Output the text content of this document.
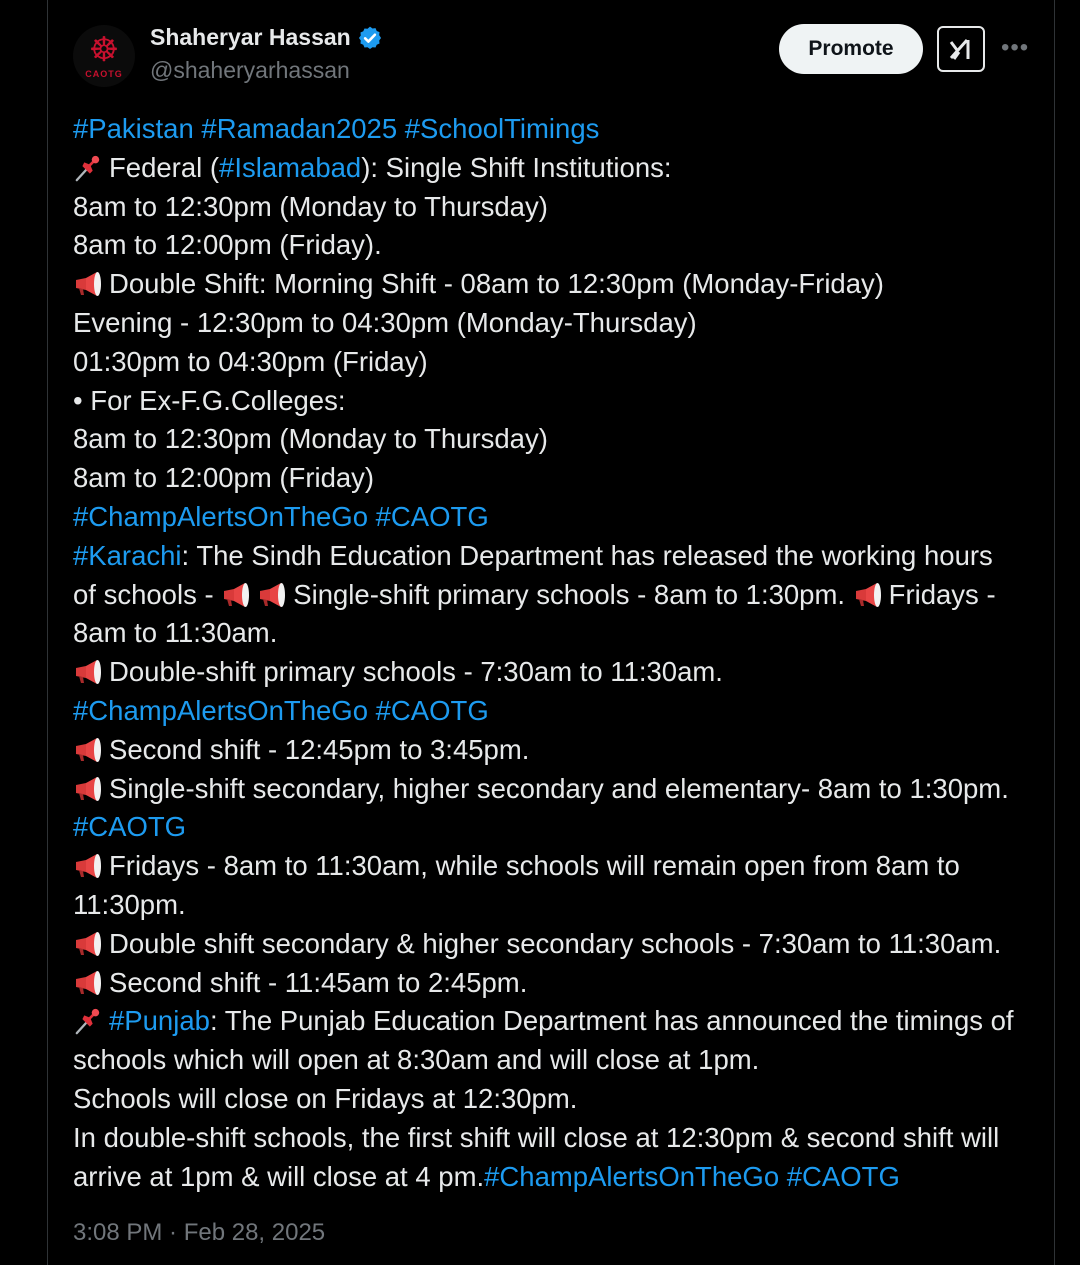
☸
CAOTG
Shaheryar Hassan
@shaheryarhassan
Promote	•••
#Pakistan #Ramadan2025 #SchoolTimings
Federal (#Islamabad): Single Shift Institutions:
8am to 12:30pm (Monday to Thursday)
8am to 12:00pm (Friday).
Double Shift: Morning Shift - 08am to 12:30pm (Monday-Friday)
Evening - 12:30pm to 04:30pm (Monday-Thursday)
01:30pm to 04:30pm (Friday)
• For Ex-F.G.Colleges:
8am to 12:30pm (Monday to Thursday)
8am to 12:00pm (Friday)
#ChampAlertsOnTheGo #CAOTG
#Karachi: The Sindh Education Department has released the working hours
of schools -	Single-shift primary schools - 8am to 1:30pm. Fridays -
8am to 11:30am.
Double-shift primary schools - 7:30am to 11:30am.
#ChampAlertsOnTheGo #CAOTG
Second shift - 12:45pm to 3:45pm.
Single-shift secondary, higher secondary and elementary- 8am to 1:30pm.
#CAOTG
Fridays - 8am to 11:30am, while schools will remain open from 8am to
11:30pm.
Double shift secondary & higher secondary schools - 7:30am to 11:30am.
Second shift - 11:45am to 2:45pm.
#Punjab: The Punjab Education Department has announced the timings of
schools which will open at 8:30am and will close at 1pm.
Schools will close on Fridays at 12:30pm.
In double-shift schools, the first shift will close at 12:30pm & second shift will
arrive at 1pm & will close at 4 pm.#ChampAlertsOnTheGo #CAOTG
3:08 PM · Feb 28, 2025
